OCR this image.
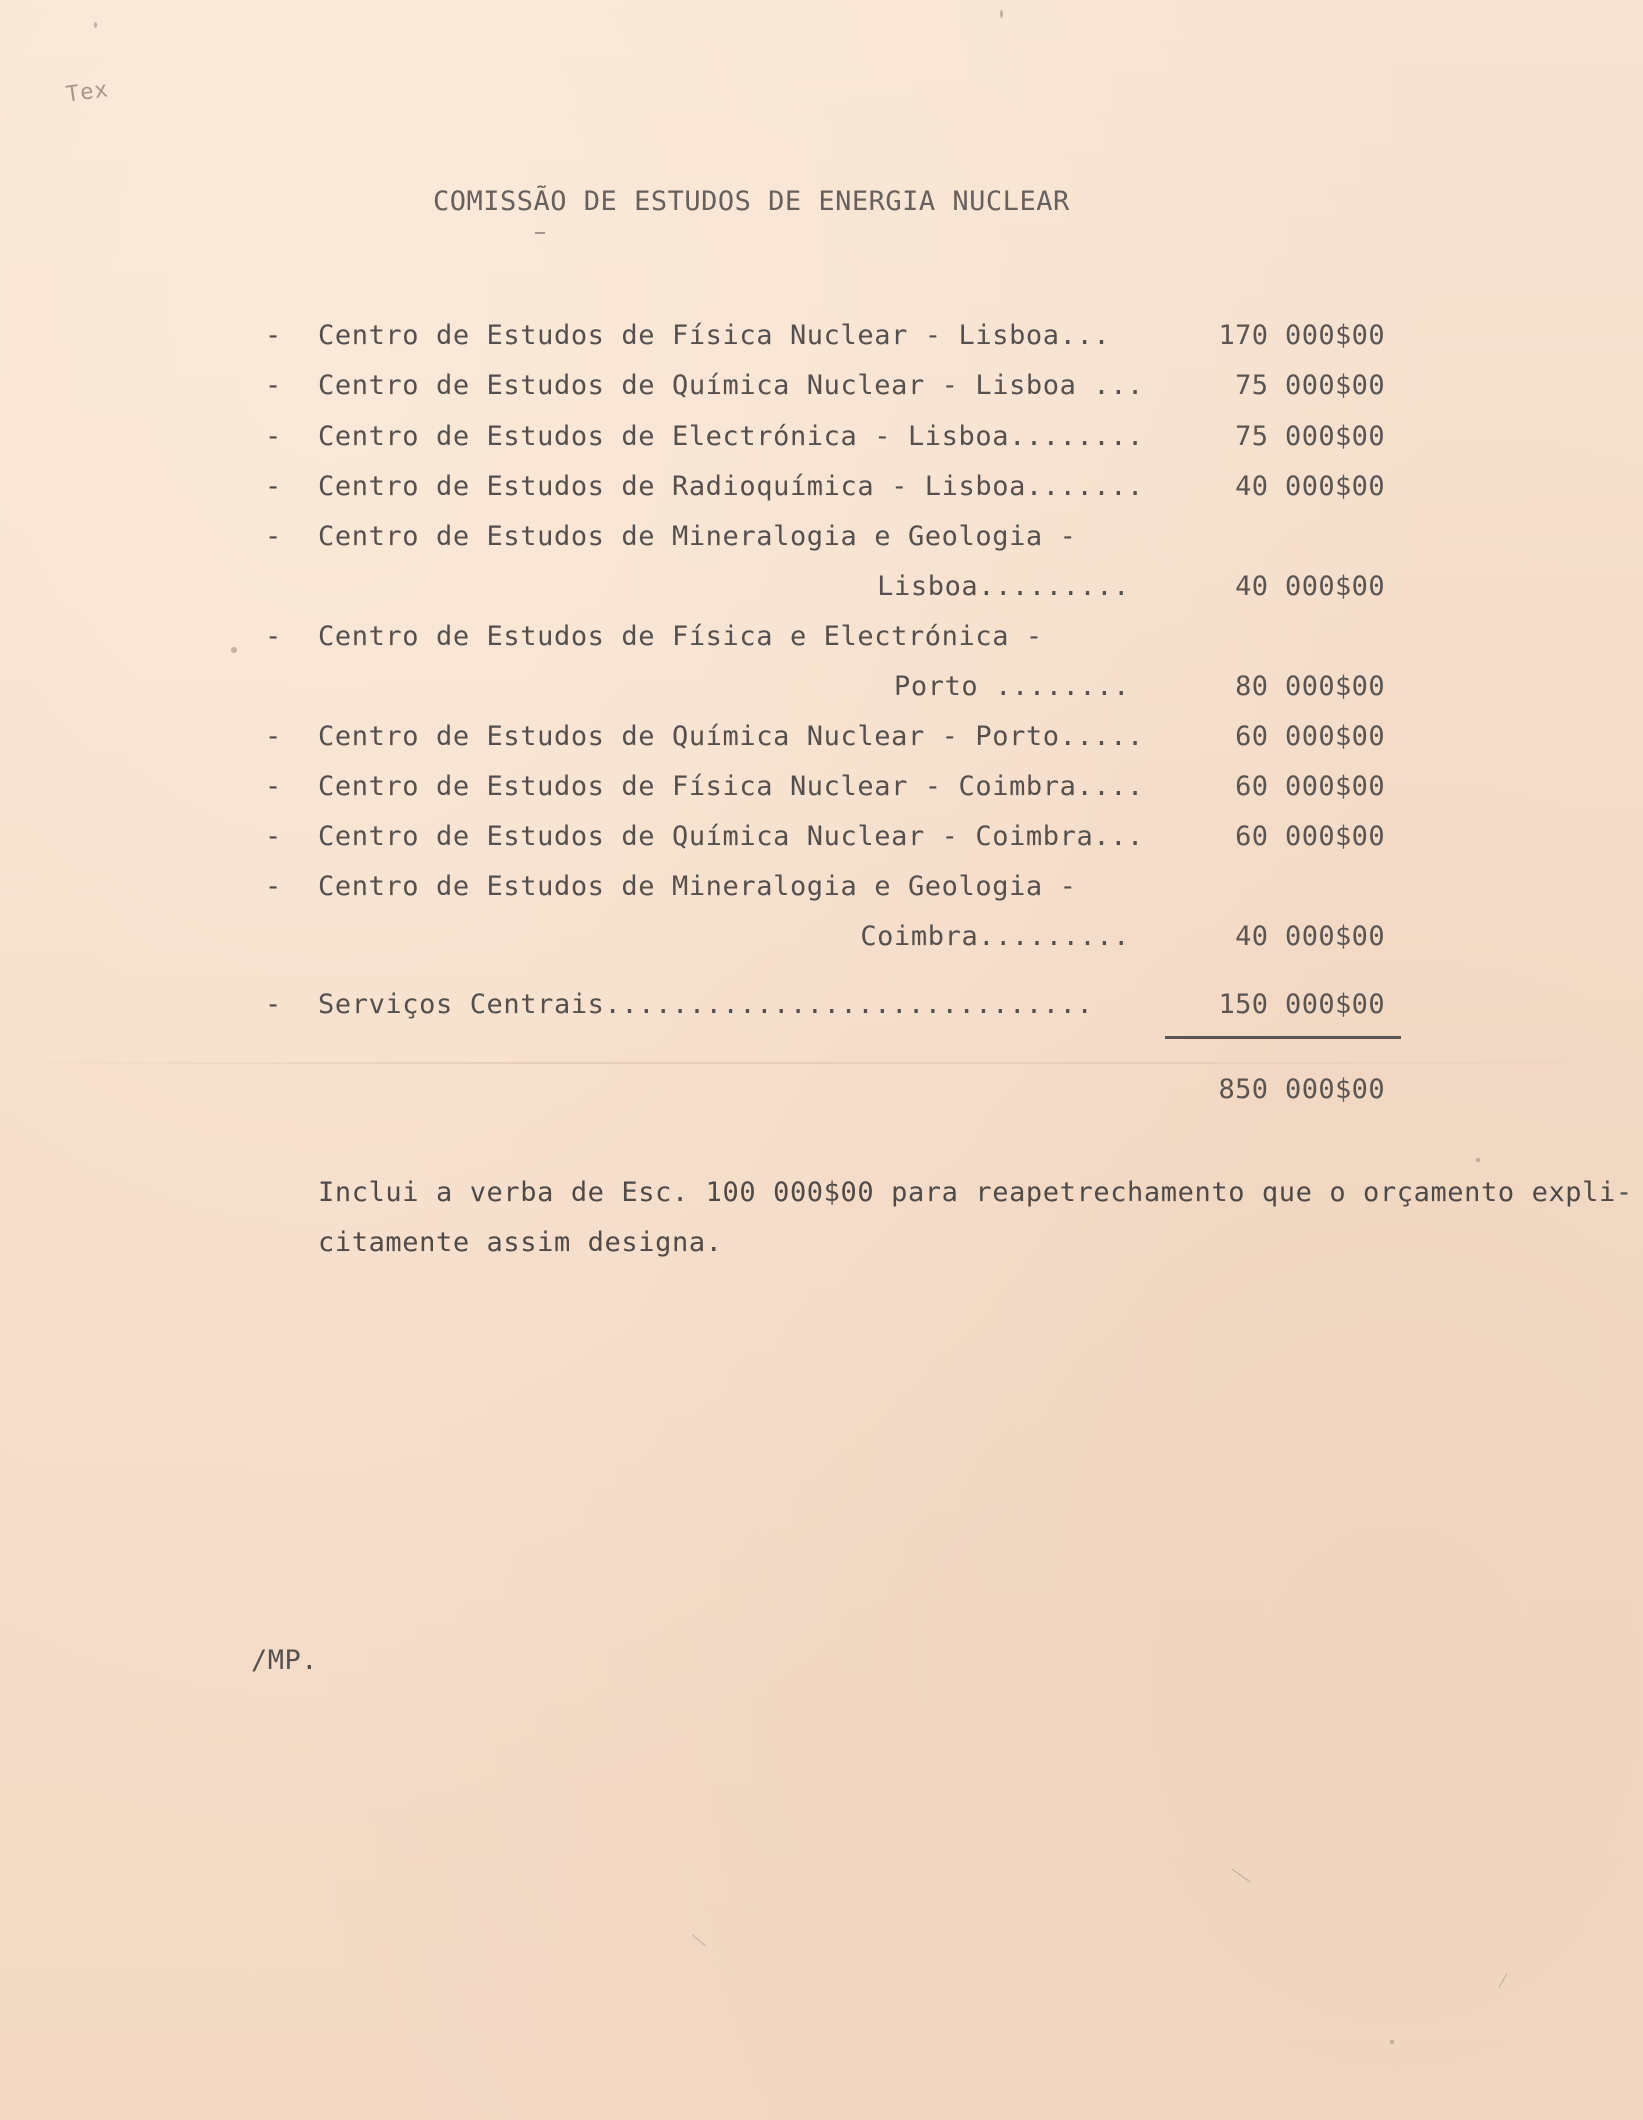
Tex
COMISSÃO DE ESTUDOS DE ENERGIA NUCLEAR
- Centro de Estudos de Física Nuclear - Lisboa...	170 000$00
- Centro de Estudos de Química Nuclear - Lisboa ...	75 000$00
- Centro de Estudos de Electrónica - Lisboa........	75 000$00
- Centro de Estudos de Radioquímica - Lisboa.......	40 000$00
- Centro de Estudos de Mineralogia e Geologia -
Lisboa.........	40 000$00
- Centro de Estudos de Física e Electrónica -
Porto ........	80 000$00
- Centro de Estudos de Química Nuclear - Porto.....	60 000$00
- Centro de Estudos de Física Nuclear - Coimbra....	60 000$00
- Centro de Estudos de Química Nuclear - Coimbra...	60 000$00
- Centro de Estudos de Mineralogia e Geologia -
Coimbra.........	40 000$00
- Serviços Centrais.............................	150 000$00
850 000$00
Inclui a verba de Esc. 100 000$00 para reapetrechamento que o orçamento expli-
citamente assim designa.
/MP.
